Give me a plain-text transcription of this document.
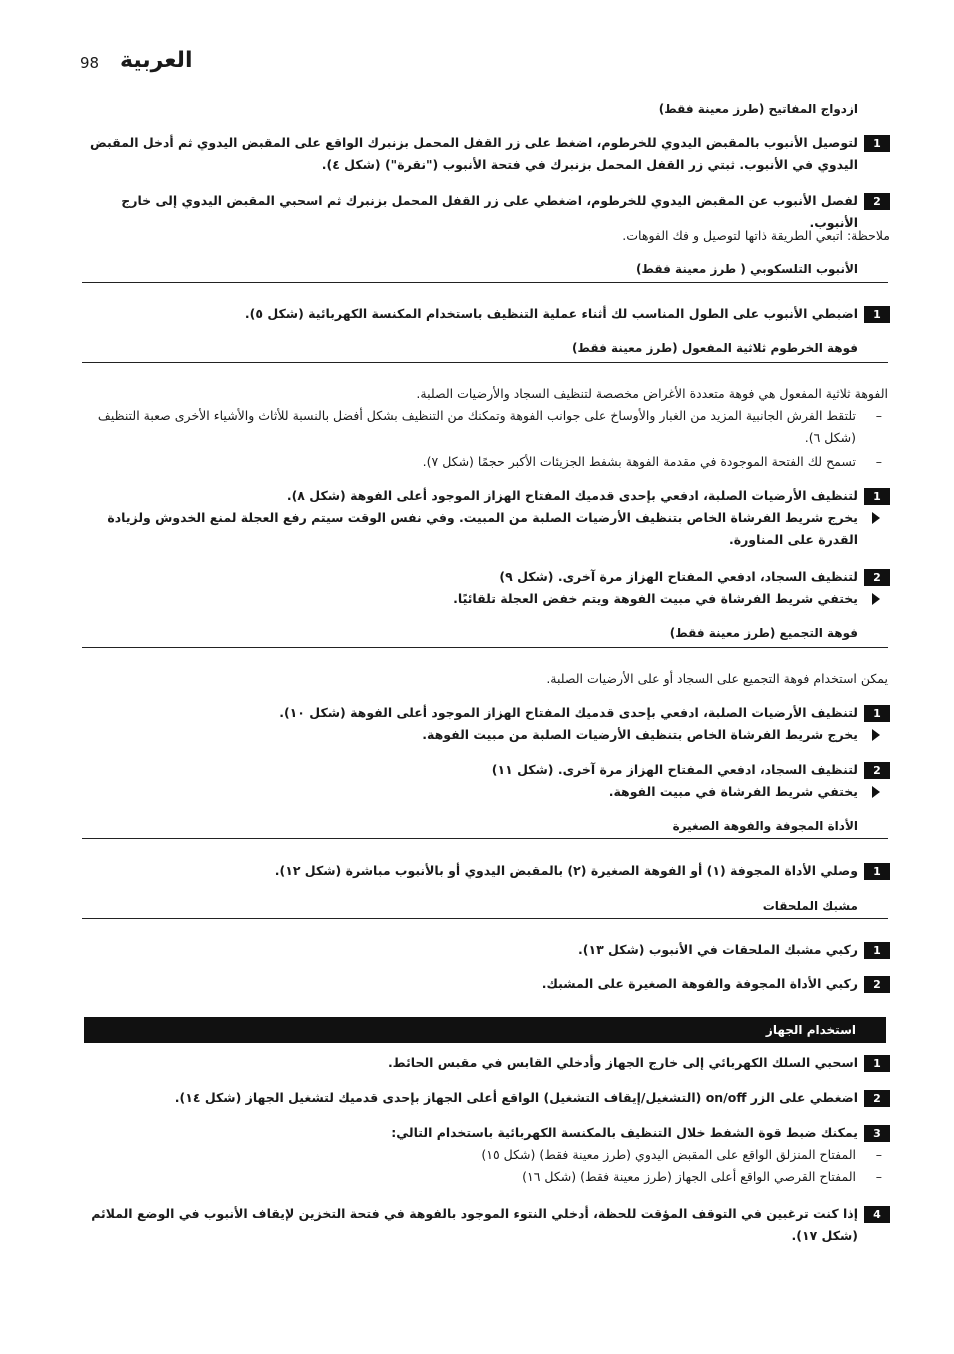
98 العربية
ازدواج المفاتيح (طرز معينة فقط)
1
لتوصيل الأنبوب بالمقبض اليدوي للخرطوم، اضغط على زر القفل المحمل بزنبرك الواقع على المقبض اليدوي ثم أدخل المقبض اليدوي في الأنبوب. ثبتي زر القفل المحمل بزنبرك في فتحة الأنبوب ("نقرة") (شكل ٤).
2
لفصل الأنبوب عن المقبض اليدوي للخرطوم، اضغطي على زر القفل المحمل بزنبرك ثم اسحبي المقبض اليدوي إلى خارج الأنبوب.
ملاحظة: اتبعي الطريقة ذاتها لتوصيل و فك الفوهات.
الأنبوب التلسكوبي ( طرز معينة فقط)
1
اضبطي الأنبوب على الطول المناسب لك أثناء عملية التنظيف باستخدام المكنسة الكهربائية (شكل ٥).
فوهة الخرطوم ثلاثية المفعول (طرز معينة فقط)
الفوهة ثلاثية المفعول هي فوهة متعددة الأغراض مخصصة لتنظيف السجاد والأرضيات الصلبة.
–
تلتقط الفرش الجانبية المزيد من الغبار والأوساخ على جوانب الفوهة وتمكنك من التنظيف بشكل أفضل بالنسبة للأثاث والأشياء الأخرى صعبة التنظيف (شكل ٦).
–
تسمح لك الفتحة الموجودة في مقدمة الفوهة بشفط الجزيئات الأكبر حجمًا (شكل ٧).
1
لتنظيف الأرضيات الصلبة، ادفعي بإحدى قدميك المفتاح الهزاز الموجود أعلى الفوهة (شكل ٨).
يخرج شريط الفرشاة الخاص بتنظيف الأرضيات الصلبة من المبيت. وفي نفس الوقت سيتم رفع العجلة لمنع الخدوش ولزيادة القدرة على المناورة.
2
لتنظيف السجاد، ادفعي المفتاح الهزاز مرة آخرى. (شكل ٩)
يختفي شريط الفرشاة في مبيت الفوهة ويتم خفض العجلة تلقائيًا.
فوهة التجميع (طرز معينة فقط)
يمكن استخدام فوهة التجميع على السجاد أو على الأرضيات الصلبة.
1
لتنظيف الأرضيات الصلبة، ادفعي بإحدى قدميك المفتاح الهزاز الموجود أعلى الفوهة (شكل ١٠).
يخرج شريط الفرشاة الخاص بتنظيف الأرضيات الصلبة من مبيت الفوهة.
2
لتنظيف السجاد، ادفعي المفتاح الهزاز مرة آخرى. (شكل ١١)
يختفي شريط الفرشاة في مبيت الفوهة.
الأداة المجوفة والفوهة الصغيرة
1
وصلي الأداة المجوفة (١) أو الفوهة الصغيرة (٢) بالمقبض اليدوي أو بالأنبوب مباشرة (شكل ١٢).
مشبك الملحقات
1
ركبي مشبك الملحقات في الأنبوب (شكل ١٣).
2
ركبي الأداة المجوفة والفوهة الصغيرة على المشبك.
استخدام الجهاز
1
اسحبي السلك الكهربائي إلى خارج الجهاز وأدخلي القابس في مقبس الحائط.
2
اضغطي على الزر on/off (التشغيل/إيقاف التشغيل) الواقع أعلى الجهاز بإحدى قدميك لتشغيل الجهاز (شكل ١٤).
3
يمكنك ضبط قوة الشفط خلال التنظيف بالمكنسة الكهربائية باستخدام التالي:
–
المفتاح المنزلق الواقع على المقبض اليدوي (طرز معينة فقط) (شكل ١٥)
–
المفتاح القرصي الواقع أعلى الجهاز (طرز معينة فقط) (شكل ١٦)
4
إذا كنت ترغبين في التوقف المؤقت للحظة، أدخلي النتوء الموجود بالفوهة في فتحة التخزين لإيقاف الأنبوب في الوضع الملائم (شكل ١٧).
